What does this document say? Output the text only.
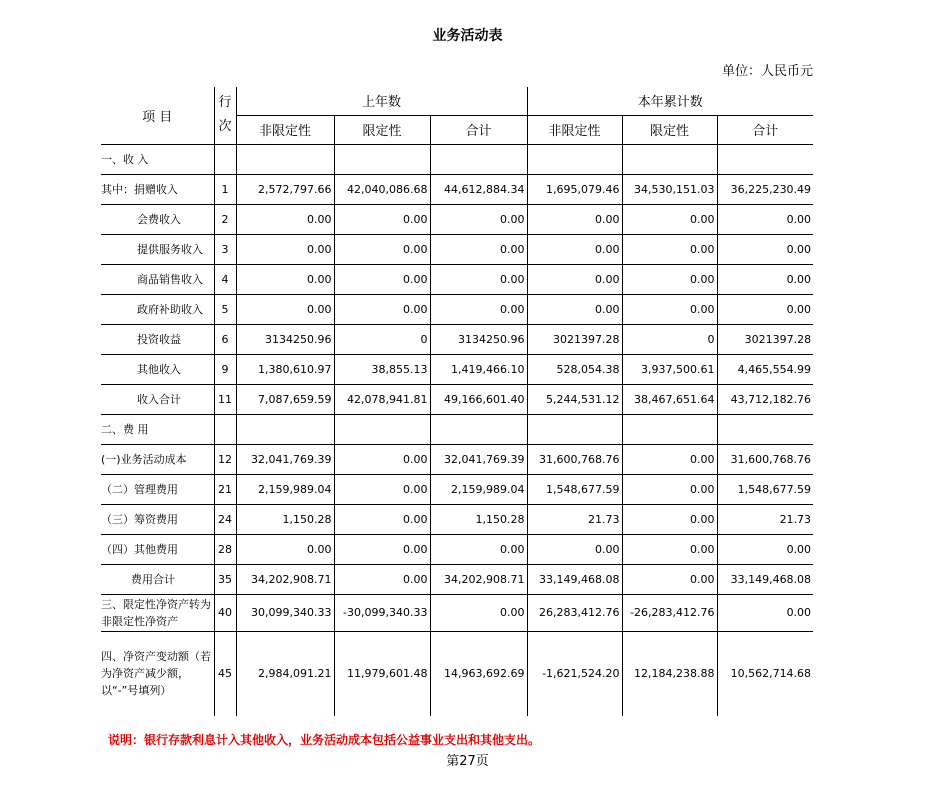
业务活动表
单位：人民币元
项 目	行次	上年数			本年累计数		
		非限定性	限定性	合计	非限定性	限定性	合计
一、收 入							
其中：捐赠收入	1	2,572,797.66	42,040,086.68	44,612,884.34	1,695,079.46	34,530,151.03	36,225,230.49
会费收入	2	0.00	0.00	0.00	0.00	0.00	0.00
提供服务收入	3	0.00	0.00	0.00	0.00	0.00	0.00
商品销售收入	4	0.00	0.00	0.00	0.00	0.00	0.00
政府补助收入	5	0.00	0.00	0.00	0.00	0.00	0.00
投资收益	6	3134250.96	0	3134250.96	3021397.28	0	3021397.28
其他收入	9	1,380,610.97	38,855.13	1,419,466.10	528,054.38	3,937,500.61	4,465,554.99
收入合计	11	7,087,659.59	42,078,941.81	49,166,601.40	5,244,531.12	38,467,651.64	43,712,182.76
二、费 用							
(一)业务活动成本	12	32,041,769.39	0.00	32,041,769.39	31,600,768.76	0.00	31,600,768.76
（二）管理费用	21	2,159,989.04	0.00	2,159,989.04	1,548,677.59	0.00	1,548,677.59
（三）筹资费用	24	1,150.28	0.00	1,150.28	21.73	0.00	21.73
（四）其他费用	28	0.00	0.00	0.00	0.00	0.00	0.00
费用合计	35	34,202,908.71	0.00	34,202,908.71	33,149,468.08	0.00	33,149,468.08
三、限定性净资产转为非限定性净资产	40	30,099,340.33	-30,099,340.33	0.00	26,283,412.76	-26,283,412.76	0.00
四、净资产变动额（若为净资产减少额，以“-”号填列）	45	2,984,091.21	11,979,601.48	14,963,692.69	-1,621,524.20	12,184,238.88	10,562,714.68
说明：银行存款利息计入其他收入，业务活动成本包括公益事业支出和其他支出。
第27页
